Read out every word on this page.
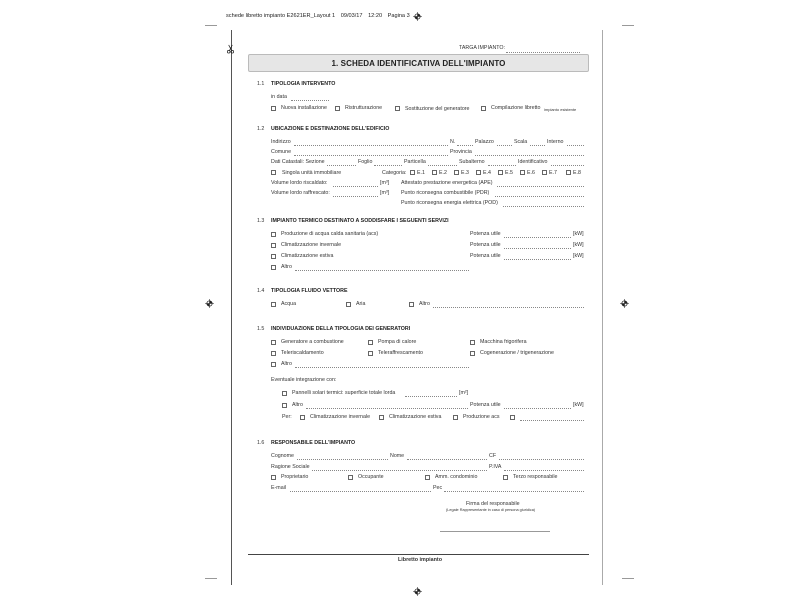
schede libretto impianto E2621ER_Layout 1 09/03/17 12:20 Pagina 3
TARGA IMPIANTO:
1. SCHEDA IDENTIFICATIVA DELL'IMPIANTO
1.1 TIPOLOGIA INTERVENTO
in data
Nuova installazione	Ristrutturazione	Sostituzione del generatore	Compilazione libretto impianto esistente
1.2 UBICAZIONE E DESTINAZIONE DELL'EDIFICIO
Indirizzo	N.	Palazzo	Scala	Interno
Comune	Provincia
Dati Catastali: Sezione	Foglio	Particella	Subalterno	Identificativo
Singola unità immobiliare	Categoria: E.1	E.2	E.3	E.4	E.5	E.6	E.7	E.8
Volume lordo riscaldato:	[m³] Attestato prestazione energetica (APE)
Volume lordo raffrescato:	[m³] Punto riconsegna combustibile (PDR)
Punto riconsegna energia elettrica (POD)
1.3 IMPIANTO TERMICO DESTINATO A SODDISFARE I SEGUENTI SERVIZI
Produzione di acqua calda sanitaria (acs)	Potenza utile	[kW]
Climatizzazione invernale	Potenza utile	[kW]
Climatizzazione estiva	Potenza utile	[kW]
Altro
1.4 TIPOLOGIA FLUIDO VETTORE
Acqua	Aria	Altro
1.5 INDIVIDUAZIONE DELLA TIPOLOGIA DEI GENERATORI
Generatore a combustione	Pompa di calore	Macchina frigorifera
Teleriscaldamento	Teleraffrescamento	Cogenerazione / trigenerazione
Altro
Eventuale integrazione con:
Pannelli solari termici: superficie totale lorda	[m²]
Altro	Potenza utile	[kW]
Per:	Climatizzazione invernale	Climatizzazione estiva	Produzione acs
1.6 RESPONSABILE DELL'IMPIANTO
Cognome	Nome	CF
Ragione Sociale	P.IVA
Proprietario	Occupante	Amm. condominio	Terzo responsabile
E-mail	Pec
Firma del responsabile
(Legale Rappresentante in caso di persona giuridica)
Libretto impianto
